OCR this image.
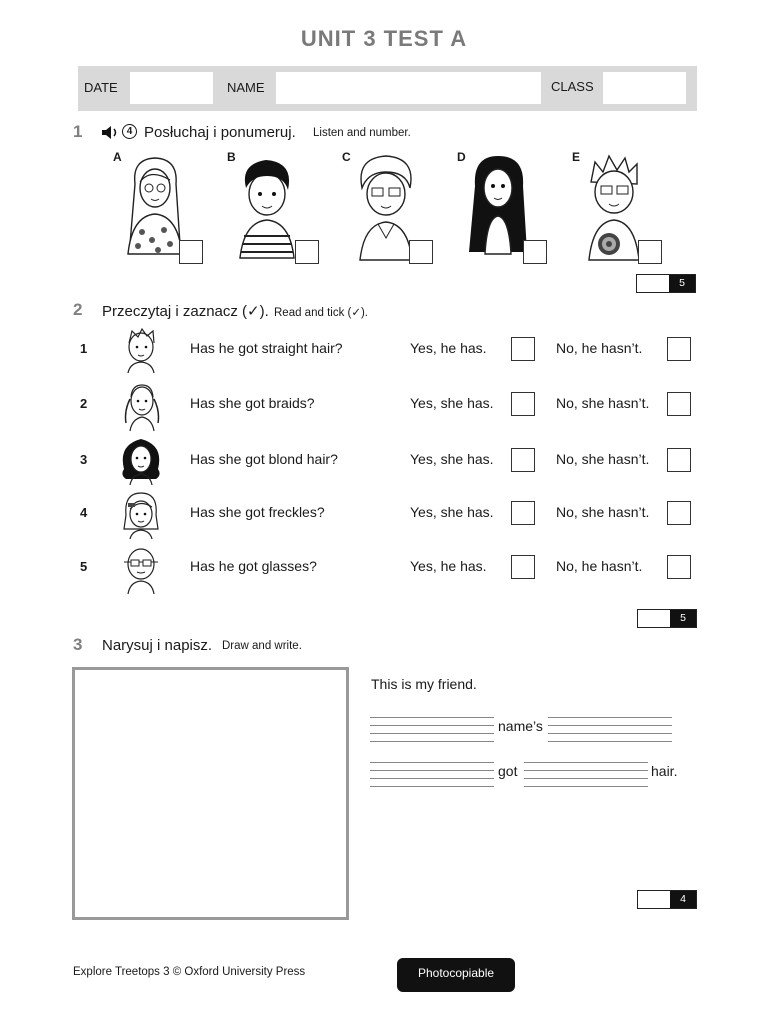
UNIT 3 TEST A
DATE	NAME	CLASS
1	4 Posłuchaj i ponumeruj. Listen and number.
A	B	C	D	E
5
2 Przeczytaj i zaznacz (✓). Read and tick (✓).
1	Has he got straight hair?	Yes, he has.	No, he hasn’t.
2	Has she got braids?	Yes, she has.	No, she hasn’t.
3	Has she got blond hair?	Yes, she has.	No, she hasn’t.
4	Has she got freckles?	Yes, she has.	No, she hasn’t.
5	Has he got glasses?	Yes, he has.	No, he hasn’t.
5
3 Narysuj i napisz. Draw and write.
This is my friend.
name’s
got	hair.
4
Explore Treetops 3 © Oxford University Press	Photocopiable
